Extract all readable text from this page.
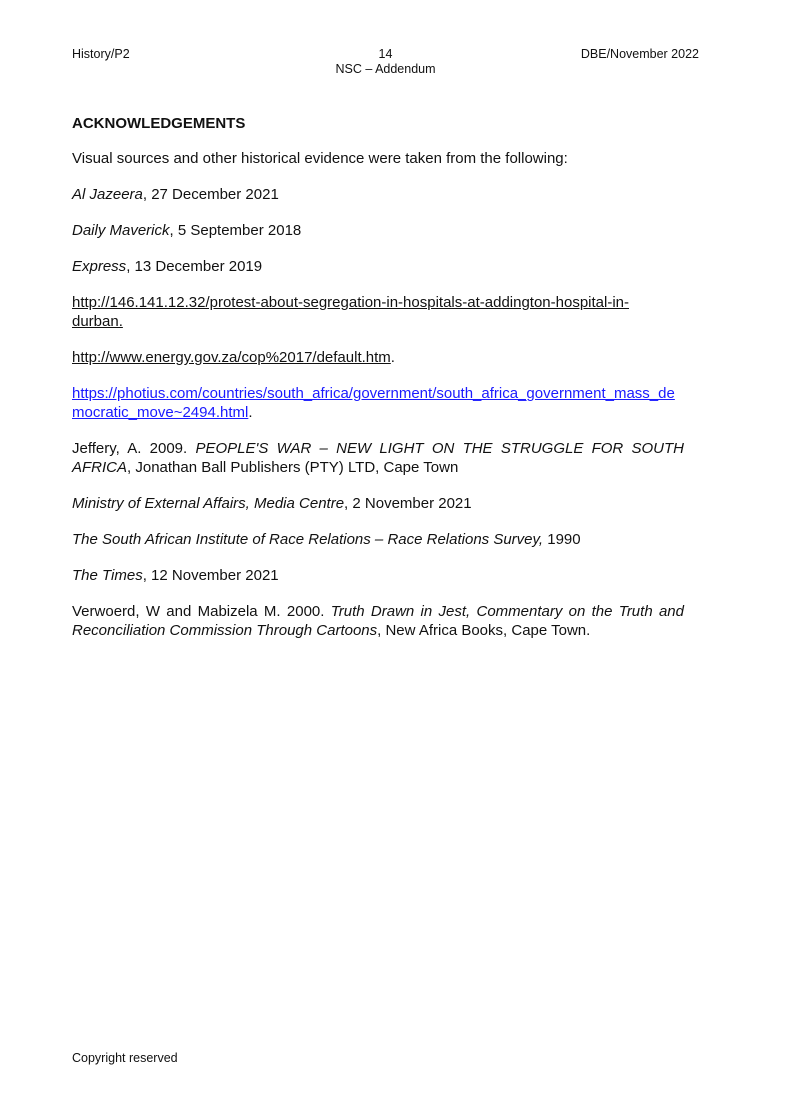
History/P2	14
NSC – Addendum
DBE/November 2022
ACKNOWLEDGEMENTS
Visual sources and other historical evidence were taken from the following:
Al Jazeera, 27 December 2021
Daily Maverick, 5 September 2018
Express, 13 December 2019
http://146.141.12.32/protest-about-segregation-in-hospitals-at-addington-hospital-in-durban.
http://www.energy.gov.za/cop%2017/default.htm.
https://photius.com/countries/south_africa/government/south_africa_government_mass_democratic_move~2494.html.
Jeffery, A. 2009. PEOPLE'S WAR – NEW LIGHT ON THE STRUGGLE FOR SOUTH AFRICA, Jonathan Ball Publishers (PTY) LTD, Cape Town
Ministry of External Affairs, Media Centre, 2 November 2021
The South African Institute of Race Relations – Race Relations Survey, 1990
The Times, 12 November 2021
Verwoerd, W and Mabizela M. 2000. Truth Drawn in Jest, Commentary on the Truth and Reconciliation Commission Through Cartoons, New Africa Books, Cape Town.
Copyright reserved
